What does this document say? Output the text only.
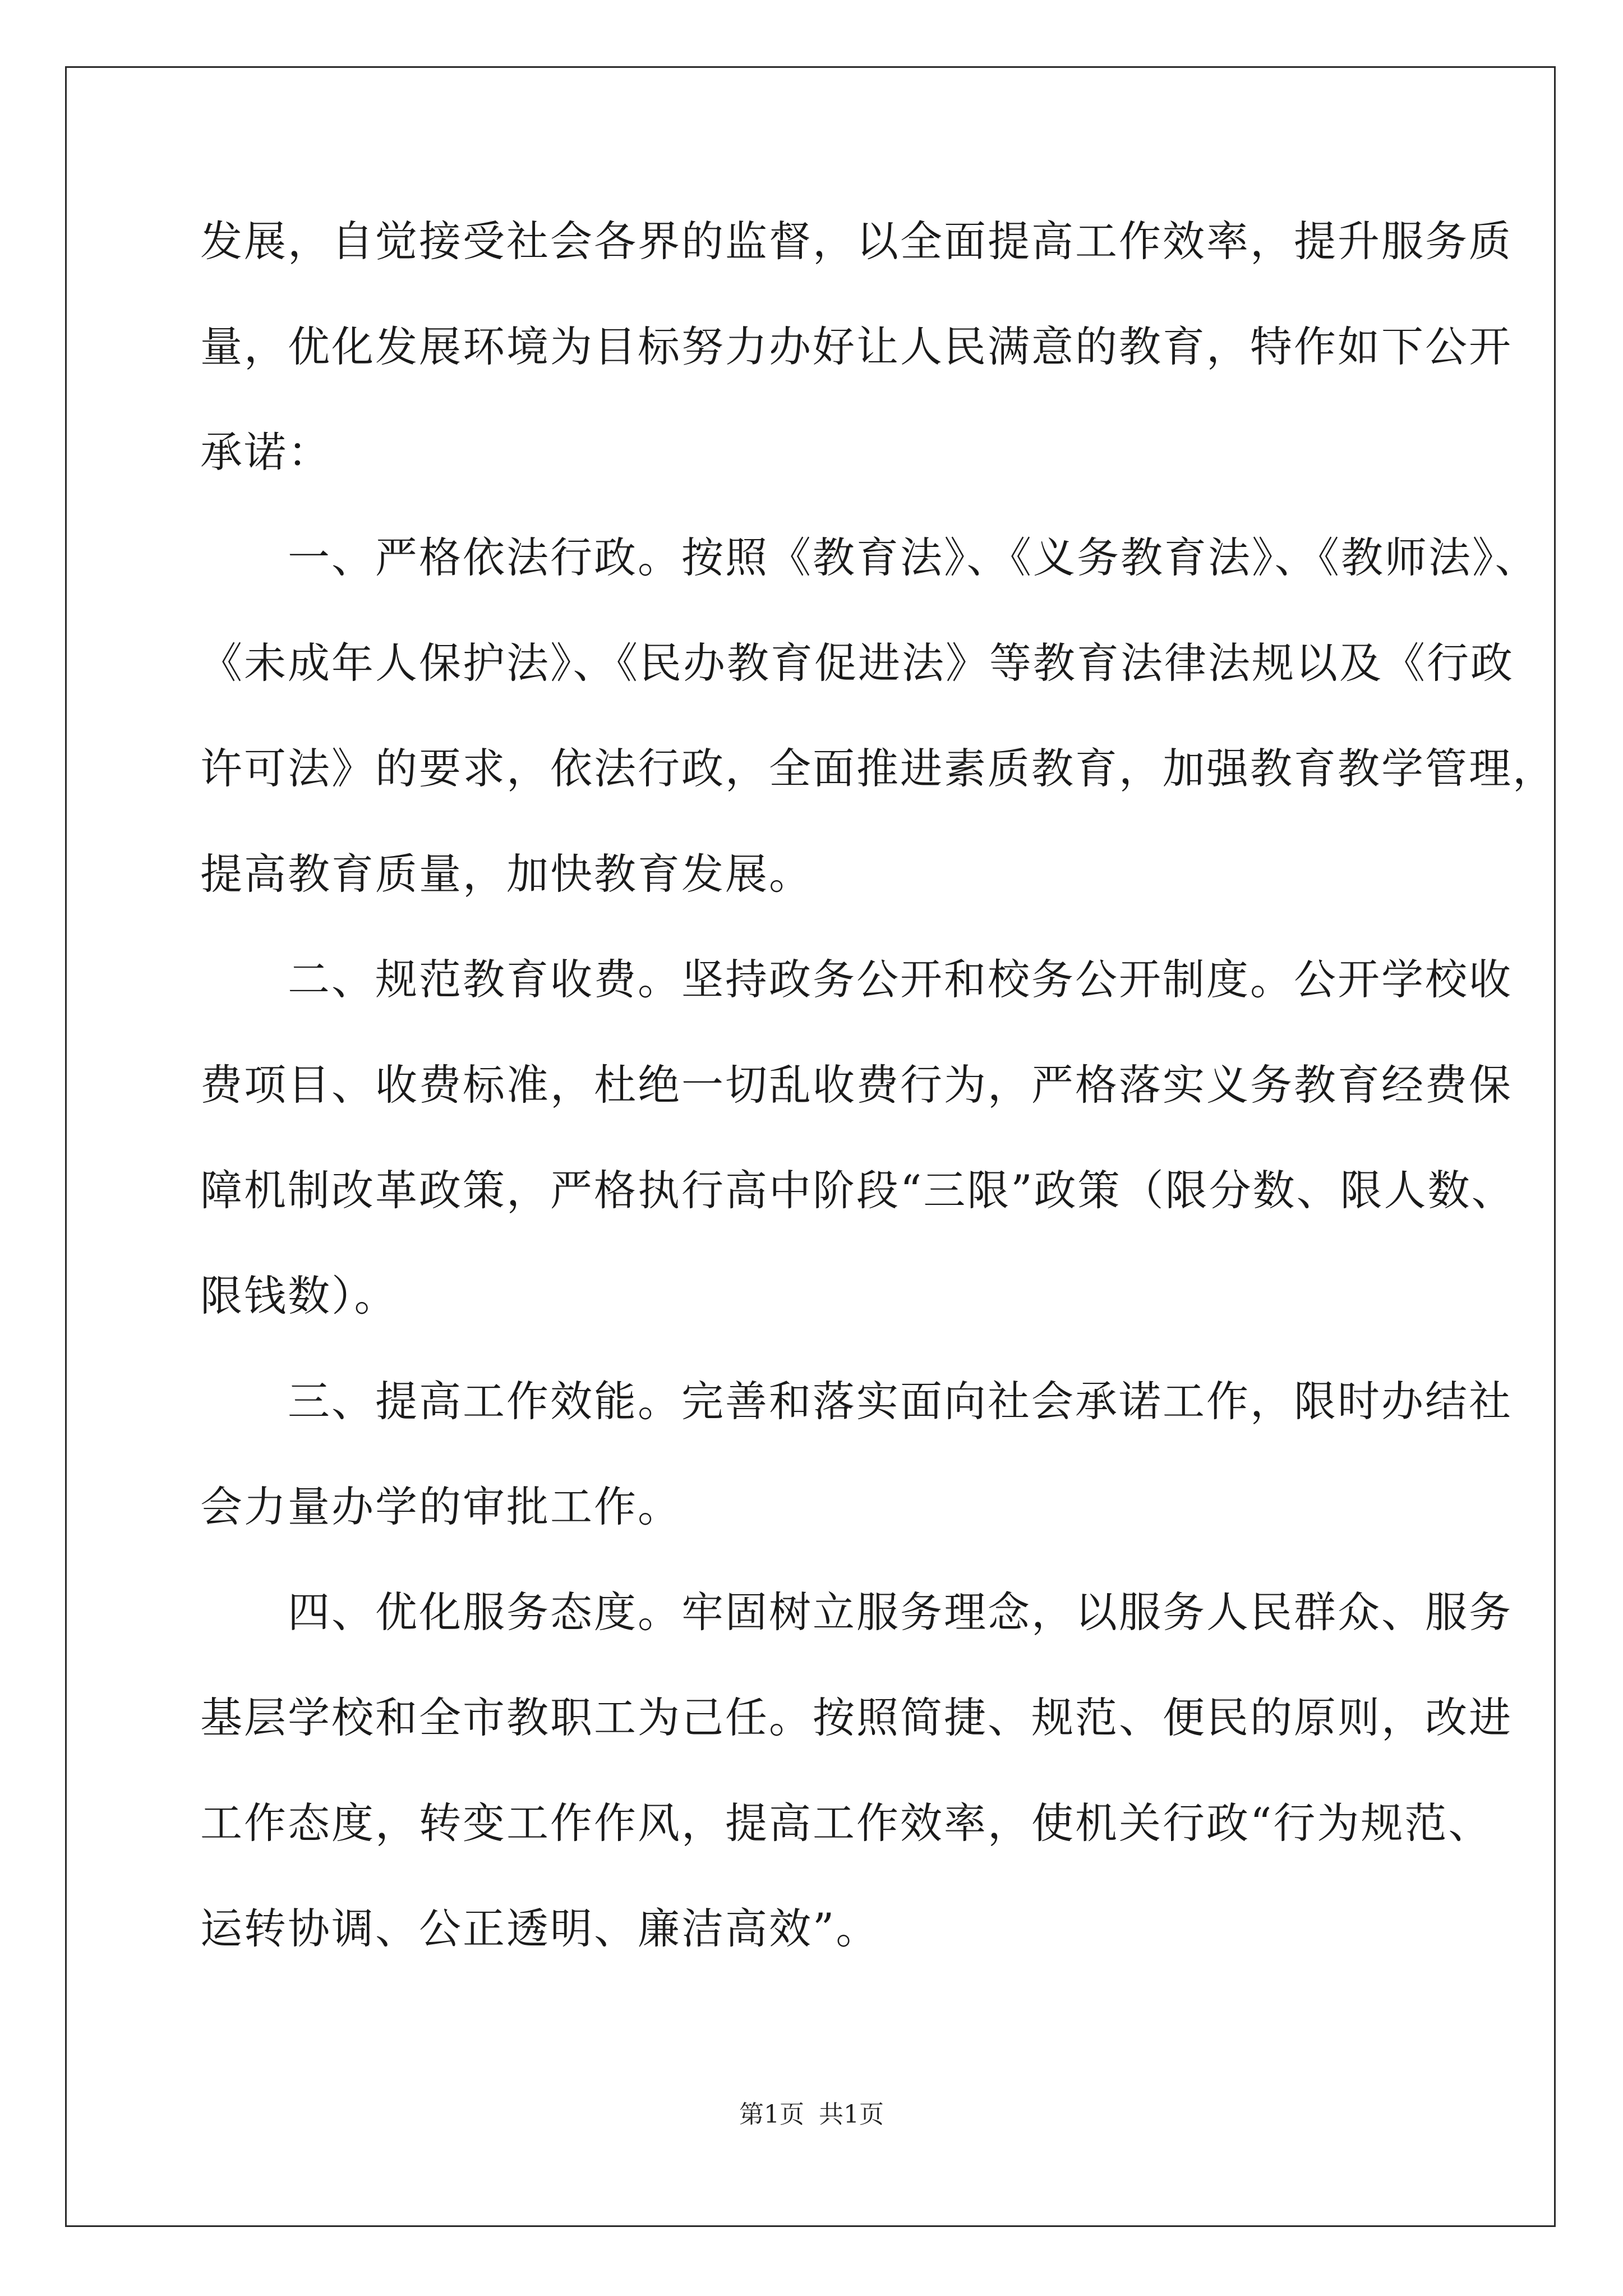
发展，自觉接受社会各界的监督，以全面提高工作效率，提升服务质
量，优化发展环境为目标努力办好让人民满意的教育，特作如下公开
承诺：
　　一、严格依法行政。按照《教育法》、《义务教育法》、《教师法》、
《未成年人保护法》、《民办教育促进法》等教育法律法规以及《行政
许可法》的要求，依法行政，全面推进素质教育，加强教育教学管理，
提高教育质量，加快教育发展。
　　二、规范教育收费。坚持政务公开和校务公开制度。公开学校收
费项目、收费标准，杜绝一切乱收费行为，严格落实义务教育经费保
障机制改革政策，严格执行高中阶段“三限”政策（限分数、限人数、
限钱数）。
　　三、提高工作效能。完善和落实面向社会承诺工作，限时办结社
会力量办学的审批工作。
　　四、优化服务态度。牢固树立服务理念，以服务人民群众、服务
基层学校和全市教职工为己任。按照简捷、规范、便民的原则，改进
工作态度，转变工作作风，提高工作效率，使机关行政“行为规范、
运转协调、公正透明、廉洁高效”。
第1页 共1页
